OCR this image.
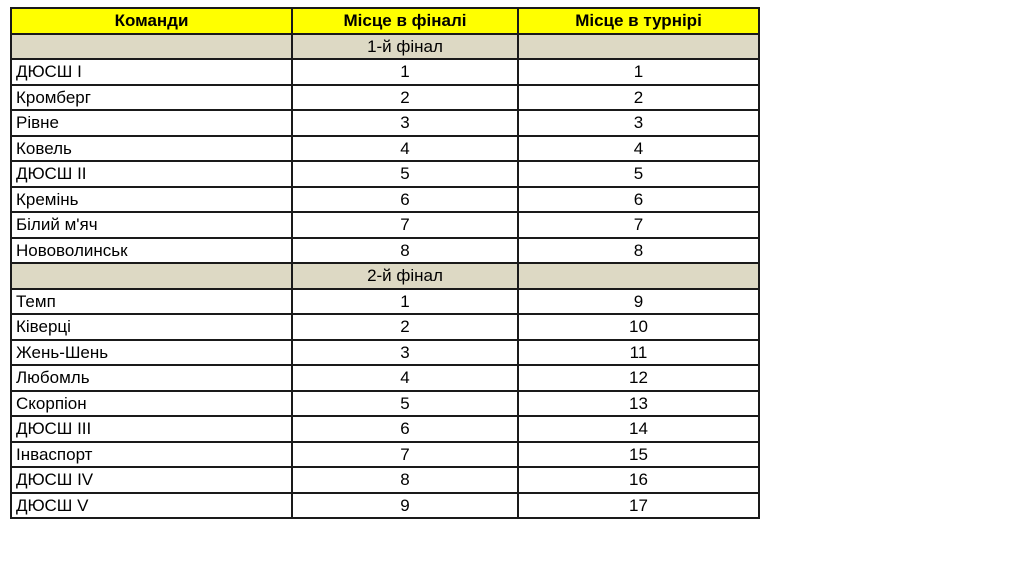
Команди	Місце в фіналі	Місце в турнірі
	1-й фінал	
ДЮСШ I	1	1
Кромберг	2	2
Рівне	3	3
Ковель	4	4
ДЮСШ II	5	5
Кремінь	6	6
Білий м'яч	7	7
Нововолинськ	8	8
	2-й фінал	
Темп	1	9
Ківерці	2	10
Жень-Шень	3	11
Любомль	4	12
Скорпіон	5	13
ДЮСШ III	6	14
Інваспорт	7	15
ДЮСШ IV	8	16
ДЮСШ V	9	17
